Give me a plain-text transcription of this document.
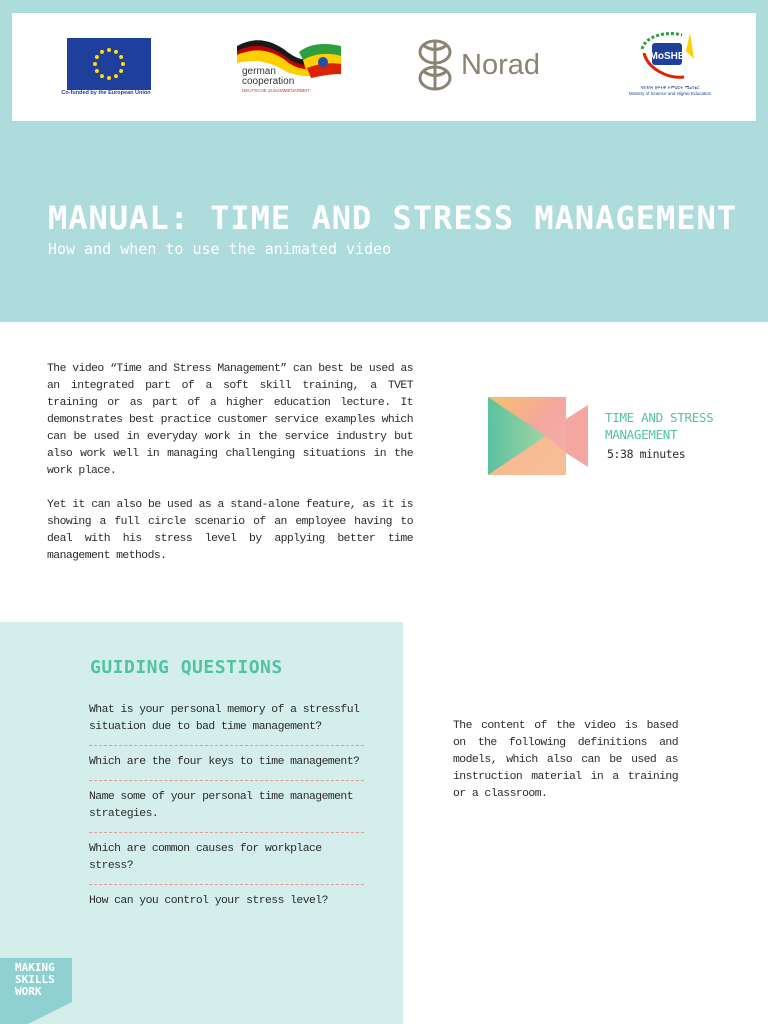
Co-funded by the European Union
german
cooperation
DEUTSCHE ZUSAMMENARBEIT
Norad	MoSHE
ሳይንስና ከፍተኛ ትምህርት ሚኒስቴር
Ministry of Science and Higher Education
MANUAL: TIME AND STRESS MANAGEMENT
How and when to use the animated video

The video “Time and Stress Management” can best be used as an integrated part of a soft skill training, a TVET training or as part of a higher education lecture. It demonstrates best practice customer service examples which can be used in everyday work in the service industry but also work well in managing challenging situations in the work place.

Yet it can also be used as a stand-alone feature, as it is showing a full circle scenario of an employee having to deal with his stress level by applying better time management methods.

TIME AND STRESS MANAGEMENT
5:38 minutes
GUIDING QUESTIONS
What is your personal memory of a stressful situation due to bad time management?
Which are the four keys to time management?
Name some of your personal time management strategies.
Which are common causes for workplace stress?
How can you control your stress level?
The content of the video is based on the following definitions and models, which also can be used as instruction material in a training or a classroom.
MAKING
SKILLS
WORK
